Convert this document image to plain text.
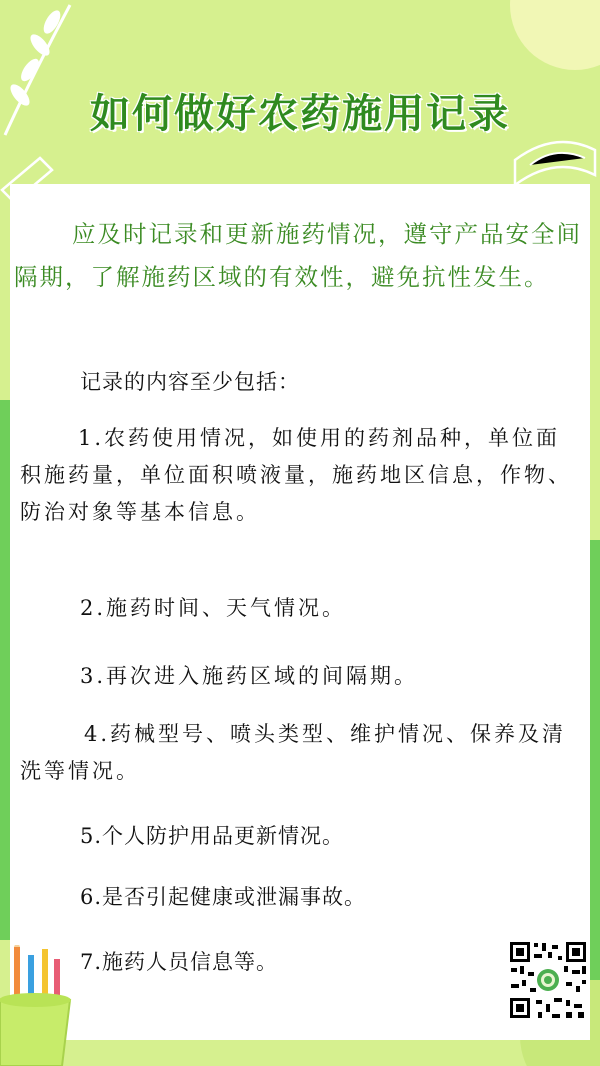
如何做好农药施用记录
应及时记录和更新施药情况，遵守产品安全间隔期，了解施药区域的有效性，避免抗性发生。
记录的内容至少包括：
1.农药使用情况，如使用的药剂品种，单位面积施药量，单位面积喷液量，施药地区信息，作物、防治对象等基本信息。
2.施药时间、天气情况。
3.再次进入施药区域的间隔期。
4.药械型号、喷头类型、维护情况、保养及清洗等情况。
5.个人防护用品更新情况。
6.是否引起健康或泄漏事故。
7.施药人员信息等。
